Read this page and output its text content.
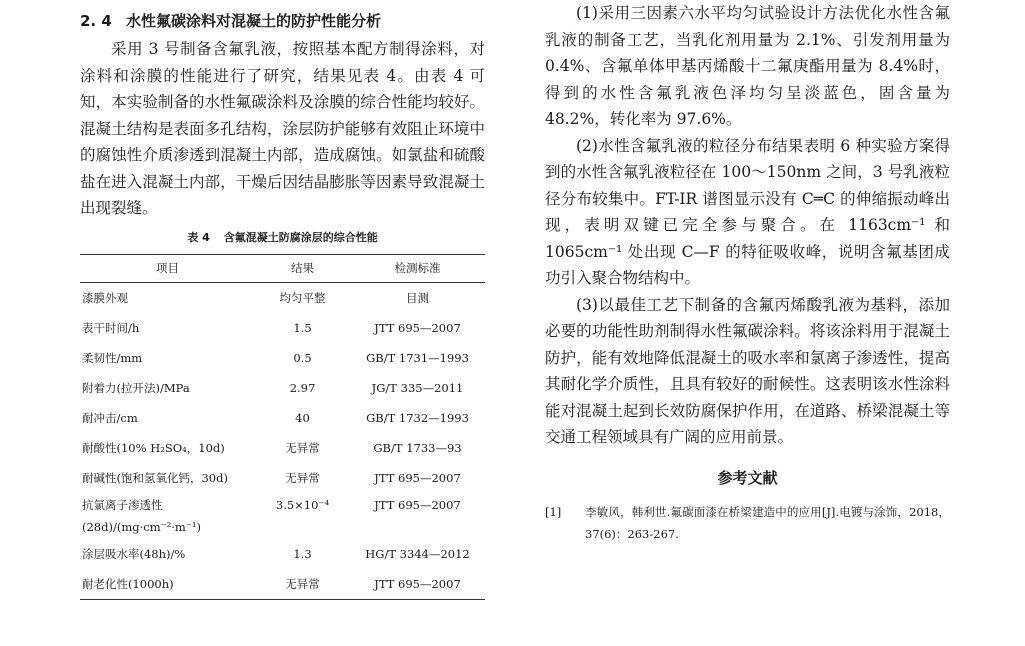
2. 4 水性氟碳涂料对混凝土的防护性能分析

采用 3 号制备含氟乳液，按照基本配方制得涂料，对涂料和涂膜的性能进行了研究，结果见表 4。由表 4 可知，本实验制备的水性氟碳涂料及涂膜的综合性能均较好。混凝土结构是表面多孔结构，涂层防护能够有效阻止环境中的腐蚀性介质渗透到混凝土内部，造成腐蚀。如氯盐和硫酸盐在进入混凝土内部，干燥后因结晶膨胀等因素导致混凝土出现裂缝。

表 4 含氟混凝土防腐涂层的综合性能
项目	结果	检测标准
漆膜外观	均匀平整	目测
表干时间/h	1.5	JTT 695—2007
柔韧性/mm	0.5	GB/T 1731—1993
附着力(拉开法)/MPa	2.97	JG/T 335—2011
耐冲击/cm	40	GB/T 1732—1993
耐酸性(10% H₂SO₄，10d)	无异常	GB/T 1733—93
耐碱性(饱和氢氧化钙，30d)	无异常	JTT 695—2007
抗氯离子渗透性(28d)/(mg·cm⁻²·m⁻¹)	3.5×10⁻⁴	JTT 695—2007
涂层吸水率(48h)/%	1.3	HG/T 3344—2012
耐老化性(1000h)	无异常	JTT 695—2007

(1)采用三因素六水平均匀试验设计方法优化水性含氟乳液的制备工艺，当乳化剂用量为 2.1%、引发剂用量为 0.4%、含氟单体甲基丙烯酸十二氟庚酯用量为 8.4%时，得到的水性含氟乳液色泽均匀呈淡蓝色，固含量为 48.2%，转化率为 97.6%。

(2)水性含氟乳液的粒径分布结果表明 6 种实验方案得到的水性含氟乳液粒径在 100～150nm 之间，3 号乳液粒径分布较集中。FT-IR 谱图显示没有 C═C 的伸缩振动峰出现，表明双键已完全参与聚合。在 1163cm⁻¹ 和 1065cm⁻¹ 处出现 C—F 的特征吸收峰，说明含氟基团成功引入聚合物结构中。

(3)以最佳工艺下制备的含氟丙烯酸乳液为基料，添加必要的功能性助剂制得水性氟碳涂料。将该涂料用于混凝土防护，能有效地降低混凝土的吸水率和氯离子渗透性，提高其耐化学介质性，且具有较好的耐候性。这表明该水性涂料能对混凝土起到长效防腐保护作用，在道路、桥梁混凝土等交通工程领域具有广阔的应用前景。

参考文献
[1] 李敏风，韩利世.氟碳面漆在桥梁建造中的应用[J].电镀与涂饰，2018，37(6)：263-267.
